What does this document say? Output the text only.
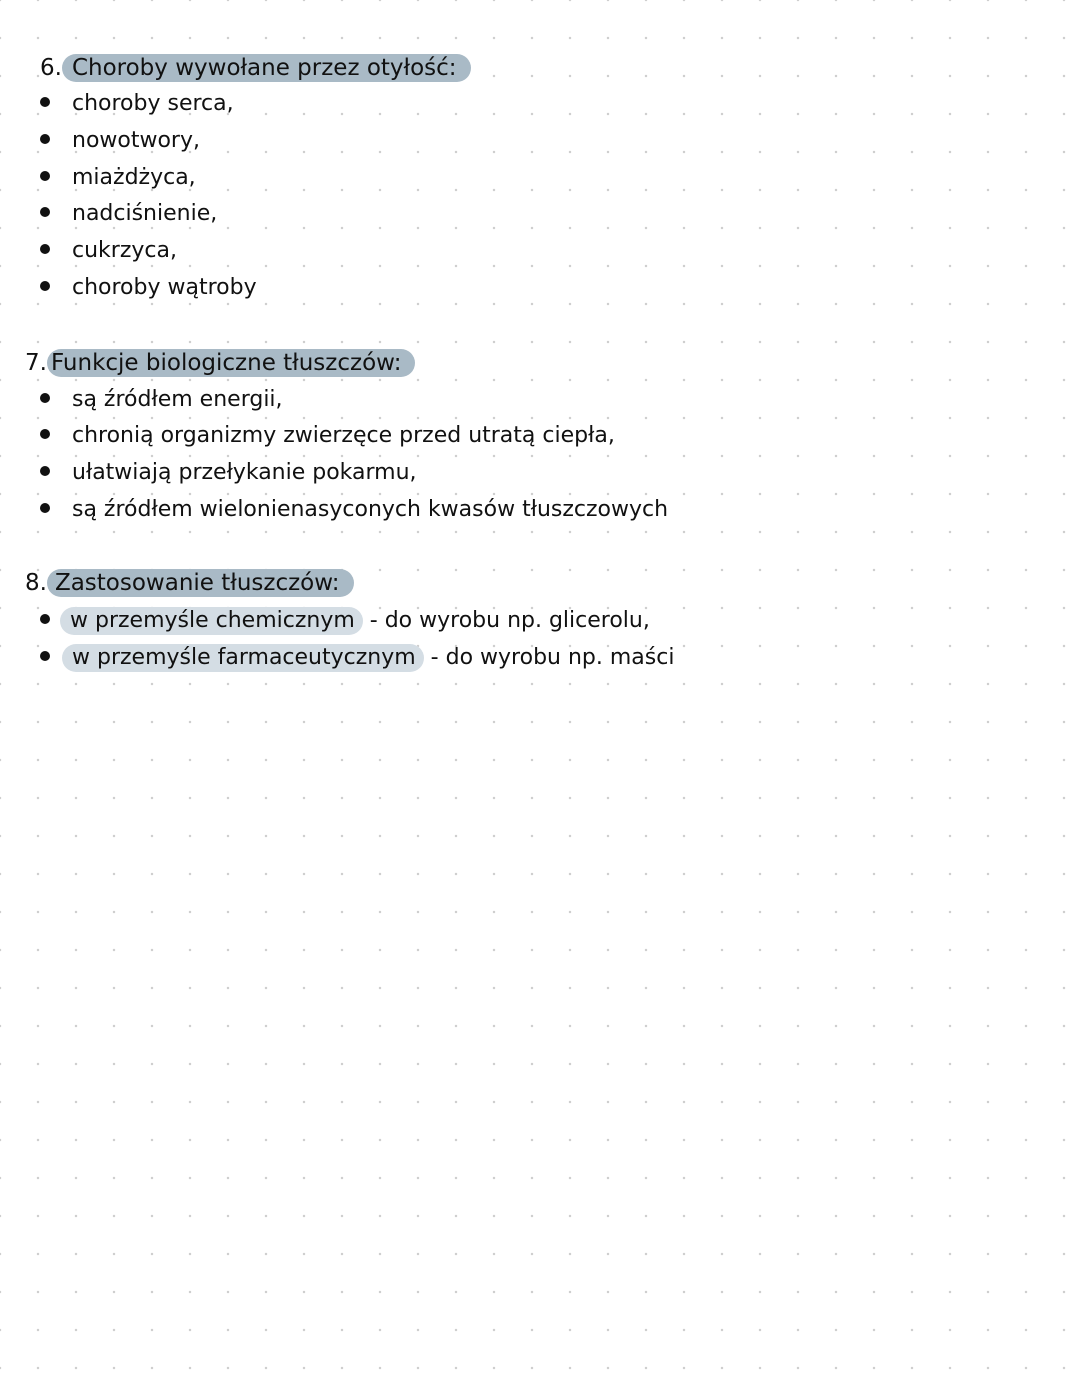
6. Choroby wywołane przez otyłość:
choroby serca,
nowotwory,
miażdżyca,
nadciśnienie,
cukrzyca,
choroby wątroby
7. Funkcje biologiczne tłuszczów:
są źródłem energii,
chronią organizmy zwierzęce przed utratą ciepła,
ułatwiają przełykanie pokarmu,
są źródłem wielonienasyconych kwasów tłuszczowych
8. Zastosowanie tłuszczów:
w przemyśle chemicznym - do wyrobu np. glicerolu,
w przemyśle farmaceutycznym - do wyrobu np. maści
